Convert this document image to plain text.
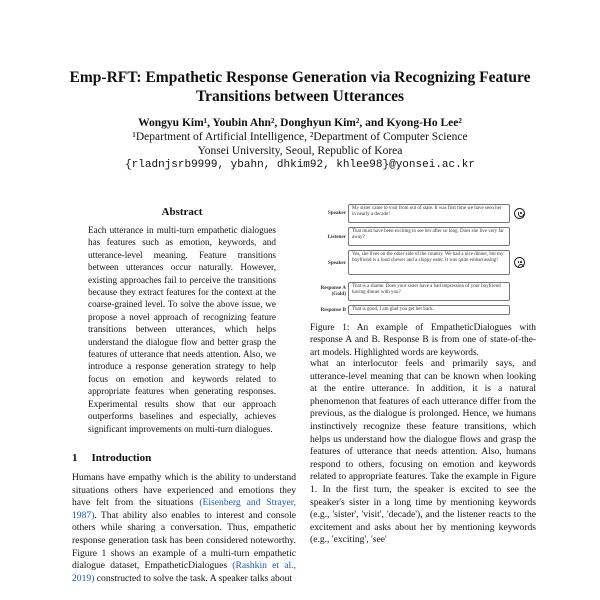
Emp-RFT: Empathetic Response Generation via Recognizing Feature
Transitions between Utterances
Wongyu Kim¹, Youbin Ahn², Donghyun Kim², and Kyong-Ho Lee²
¹Department of Artificial Intelligence, ²Department of Computer Science
Yonsei University, Seoul, Republic of Korea
{rladnjsrb9999, ybahn, dhkim92, khlee98}@yonsei.ac.kr
Abstract
Each utterance in multi-turn empathetic dialogues has features such as emotion, keywords, and utterance-level meaning. Feature transitions between utterances occur naturally. However, existing approaches fail to perceive the transitions because they extract features for the context at the coarse-grained level. To solve the above issue, we propose a novel approach of recognizing feature transitions between utterances, which helps understand the dialogue flow and better grasp the features of utterance that needs attention. Also, we introduce a response generation strategy to help focus on emotion and keywords related to appropriate features when generating responses. Experimental results show that our approach outperforms baselines and especially, achieves significant improvements on multi-turn dialogues.
1 Introduction
Humans have empathy which is the ability to understand situations others have experienced and emotions they have felt from the situations (Eisenberg and Strayer, 1987). That ability also enables to interest and console others while sharing a conversation. Thus, empathetic response generation task has been considered noteworthy. Figure 1 shows an example of a multi-turn empathetic dialogue dataset, EmpatheticDialogues (Rashkin et al., 2019) constructed to solve the task. A speaker talks about
Speaker
My sister came to visit from out of state. It was first time we have seen her in nearly a decade!
Listener
That must have been exciting to see her after so long. Does she live very far away?
Speaker
Yes, she lives on the other side of the country. We had a nice dinner, but my boyfriend is a loud chewer and a sloppy eater. It was quite embarrassing!
Response A (Gold)
That is a shame. Does your sister have a bad impression of your boyfriend having dinner with you?
Response B	That is good, I am glad you get her back.
Figure 1: An example of EmpatheticDialogues with response A and B. Response B is from one of state-of-the-art models. Highlighted words are keywords.
what an interlocutor feels and primarily says, and utterance-level meaning that can be known when looking at the entire utterance. In addition, it is a natural phenomenon that features of each utterance differ from the previous, as the dialogue is prolonged. Hence, we humans instinctively recognize these feature transitions, which helps us understand how the dialogue flows and grasp the features of utterance that needs attention. Also, humans respond to others, focusing on emotion and keywords related to appropriate features. Take the example in Figure 1. In the first turn, the speaker is excited to see the speaker's sister in a long time by mentioning keywords (e.g., 'sister', 'visit', 'decade'), and the listener reacts to the excitement and asks about her by mentioning keywords (e.g., 'exciting', 'see'
